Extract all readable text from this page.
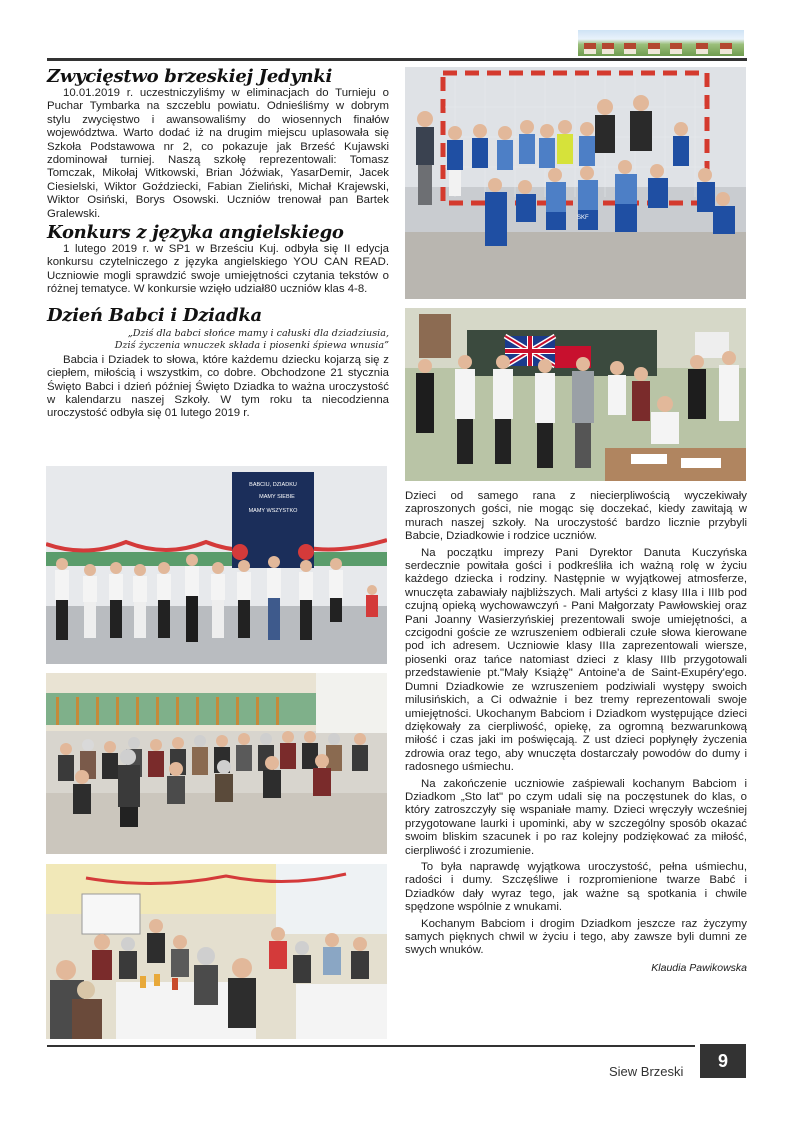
Zwycięstwo brzeskiej Jedynki

10.01.2019 r. uczestniczyliśmy w eliminacjach do Turnieju o Puchar Tymbarka na szczeblu powiatu. Odnieśliśmy w dobrym stylu zwycięstwo i awansowaliśmy do wiosennych finałów województwa. Warto dodać iż na drugim miejscu uplasowała się Szkoła Podstawowa nr 2, co pokazuje jak Brześć Kujawski zdominował turniej. Naszą szkołę reprezentowali: Tomasz Tomczak, Mikołaj Witkowski, Brian Jóźwiak, YasarDemir, Jacek Ciesielski, Wiktor Goździecki, Fabian Zieliński, Michał Krajewski, Wiktor Osiński, Borys Osowski. Uczniów trenował pan Bartek Gralewski.

Konkurs z języka angielskiego

1 lutego 2019 r. w SP1 w Brześciu Kuj. odbyła się II edycja konkursu czytelniczego z języka angielskiego YOU CAN READ. Uczniowie mogli sprawdzić swoje umiejętności czytania tekstów o różnej tematyce. W konkursie wzięło udział80 uczniów klas 4-8.

Dzień Babci i Dziadka
„Dziś dla babci słońce mamy i całuski dla dziadziusia,
Dziś życzenia wnuczek składa i piosenki śpiewa wnusia”

Babcia i Dziadek to słowa, które każdemu dziecku kojarzą się z ciepłem, miłością i wszystkim, co dobre. Obchodzone 21 stycznia Święto Babci i dzień później Święto Dziadka to ważna uroczystość w kalendarzu naszej Szkoły. W tym roku ta niecodzienna uroczystość odbyła się 01 lutego 2019 r.

SKF
BABCIU, DZIADKU
MAMY SIEBIE
MAMY WSZYSTKO

Dzieci od samego rana z niecierpliwością wyczekiwały zaproszonych gości, nie mogąc się doczekać, kiedy zawitają w murach naszej szkoły. Na uroczystość bardzo licznie przybyli Babcie, Dziadkowie i rodzice uczniów.

Na początku imprezy Pani Dyrektor Danuta Kuczyńska serdecznie powitała gości i podkreśliła ich ważną rolę w życiu każdego dziecka i rodziny. Następnie w wyjątkowej atmosferze, wnuczęta zabawiały najbliższych. Mali artyści z klasy IIIa i IIIb pod czujną opieką wychowawczyń - Pani Małgorzaty Pawłowskiej oraz Pani Joanny Wasierzyńskiej prezentowali swoje umiejętności, a czcigodni goście ze wzruszeniem odbierali czułe słowa kierowane pod ich adresem. Uczniowie klasy IIIa zaprezentowali wiersze, piosenki oraz tańce natomiast dzieci z klasy IIIb przygotowali przedstawienie pt."Mały Książę" Antoine'a de Saint-Exupéry'ego. Dumni Dziadkowie ze wzruszeniem podziwiali występy swoich milusińskich, a Ci odważnie i bez tremy reprezentowali swoje umiejętności. Ukochanym Babciom i Dziadkom występujące dzieci dziękowały za cierpliwość, opiekę, za ogromną bezwarunkową miłość i czas jaki im poświęcają. Z ust dzieci popłynęły życzenia zdrowia oraz tego, aby wnuczęta dostarczały powodów do dumy i radosnego uśmiechu.

Na zakończenie uczniowie zaśpiewali kochanym Babciom i Dziadkom „Sto lat" po czym udali się na poczęstunek do klas, o który zatroszczyły się wspaniałe mamy. Dzieci wręczyły wcześniej przygotowane laurki i upominki, aby w szczególny sposób okazać swoim bliskim szacunek i po raz kolejny podziękować za miłość, cierpliwość i zrozumienie.

To była naprawdę wyjątkowa uroczystość, pełna uśmiechu, radości i dumy. Szczęśliwe i rozpromienione twarze Babć i Dziadków dały wyraz tego, jak ważne są spotkania i chwile spędzone wspólnie z wnukami.

Kochanym Babciom i drogim Dziadkom jeszcze raz życzymy samych pięknych chwil w życiu i tego, aby zawsze byli dumni ze swych wnuków.

Klaudia Pawikowska
Siew Brzeski
9
